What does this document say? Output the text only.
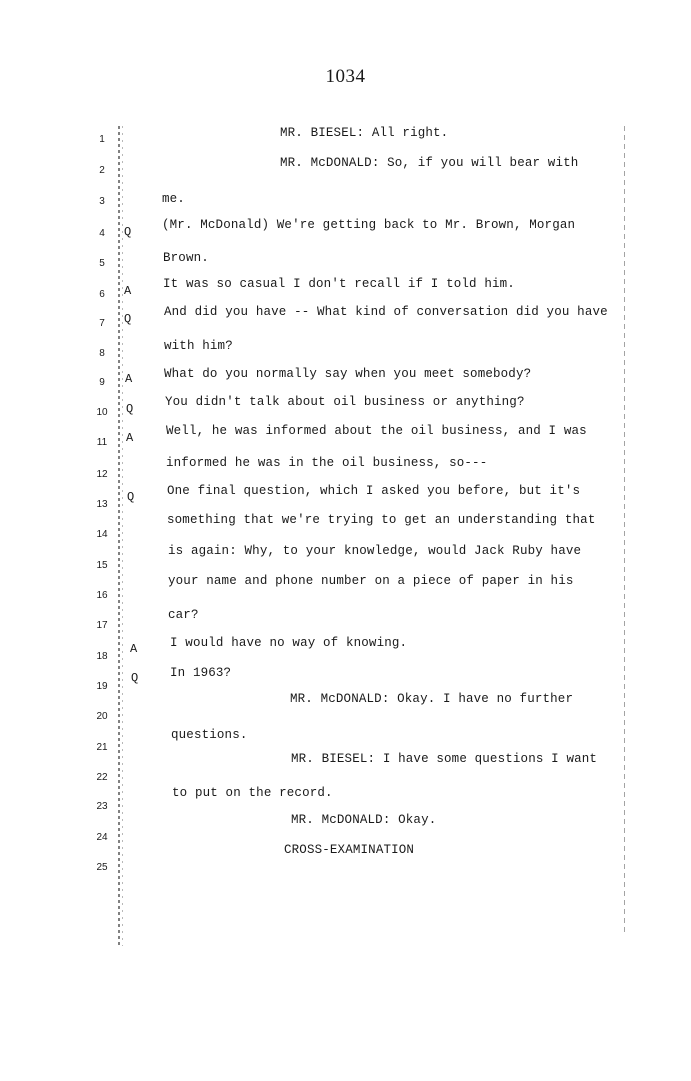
1034
1
2
3
4
5
6
7
8
9
10
11
12
13
14
15
16
17
18
19
20
21
22
23
24
25
Q
A
Q
A
Q
A
Q
A
Q
MR. BIESEL: All right.
MR. McDONALD: So, if you will bear with
me.
(Mr. McDonald) We're getting back to Mr. Brown, Morgan
Brown.
It was so casual I don't recall if I told him.
And did you have -- What kind of conversation did you have
with him?
What do you normally say when you meet somebody?
You didn't talk about oil business or anything?
Well, he was informed about the oil business, and I was
informed he was in the oil business, so---
One final question, which I asked you before, but it's
something that we're trying to get an understanding that
is again: Why, to your knowledge, would Jack Ruby have
your name and phone number on a piece of paper in his
car?
I would have no way of knowing.
In 1963?
MR. McDONALD: Okay. I have no further
questions.
MR. BIESEL: I have some questions I want
to put on the record.
MR. McDONALD: Okay.
CROSS-EXAMINATION
